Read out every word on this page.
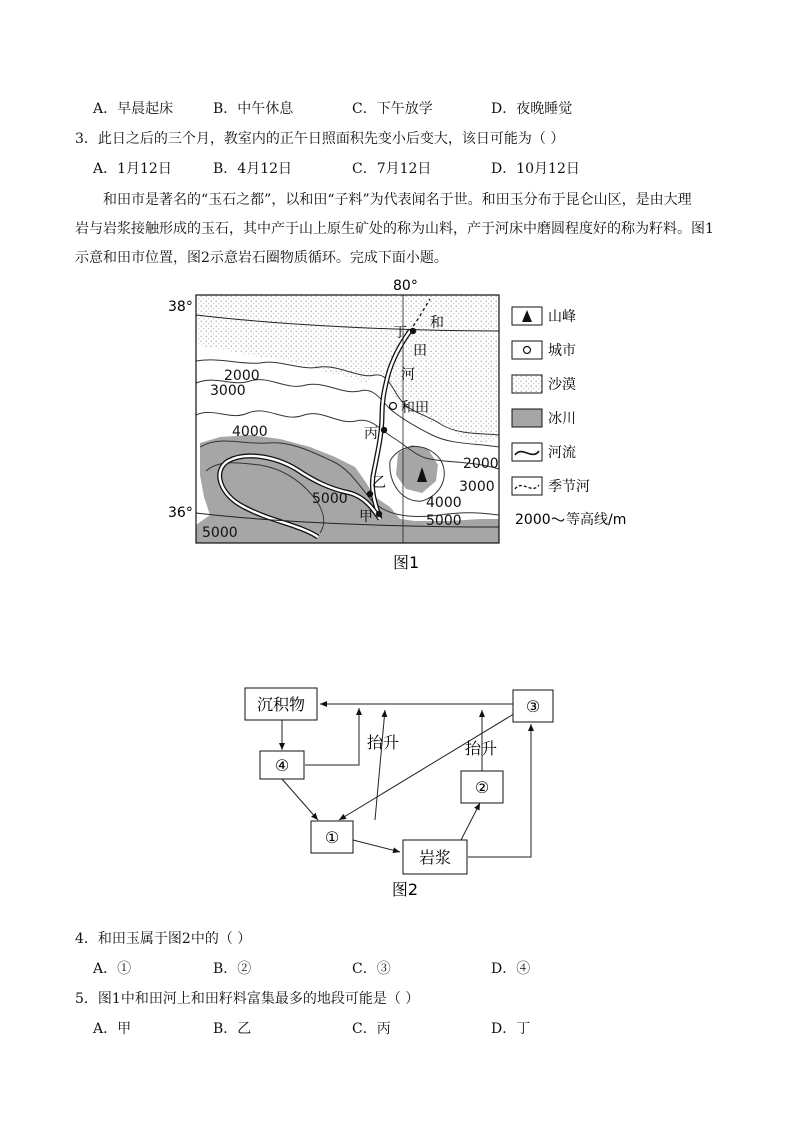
A．早晨起床	B．中午休息	C．下午放学	D．夜晚睡觉
3．此日之后的三个月，教室内的正午日照面积先变小后变大，该日可能为（ ）
A．1月12日	B．4月12日	C．7月12日	D．10月12日

和田市是著名的“玉石之都”，以和田“子料”为代表闻名于世。和田玉分布于昆仑山区，是由大理

岩与岩浆接触形成的玉石，其中产于山上原生矿处的称为山料，产于河床中磨圆程度好的称为籽料。图1

示意和田市位置，图2示意岩石圈物质循环。完成下面小题。

80°
38°
36°
和
田
河
和田
丁
丙
乙
甲
2000
3000
4000
5000
5000
5000
2000
3000
4000
山峰
城市
沙漠
冰川
河流
季节河
2000 等高线/m
图1
沉积物
④
①
岩浆
②
③
抬升	抬升
图2
4．和田玉属于图2中的（ ）
A．①	B．②	C．③	D．④
5．图1中和田河上和田籽料富集最多的地段可能是（ ）
A．甲	B．乙	C．丙	D．丁
